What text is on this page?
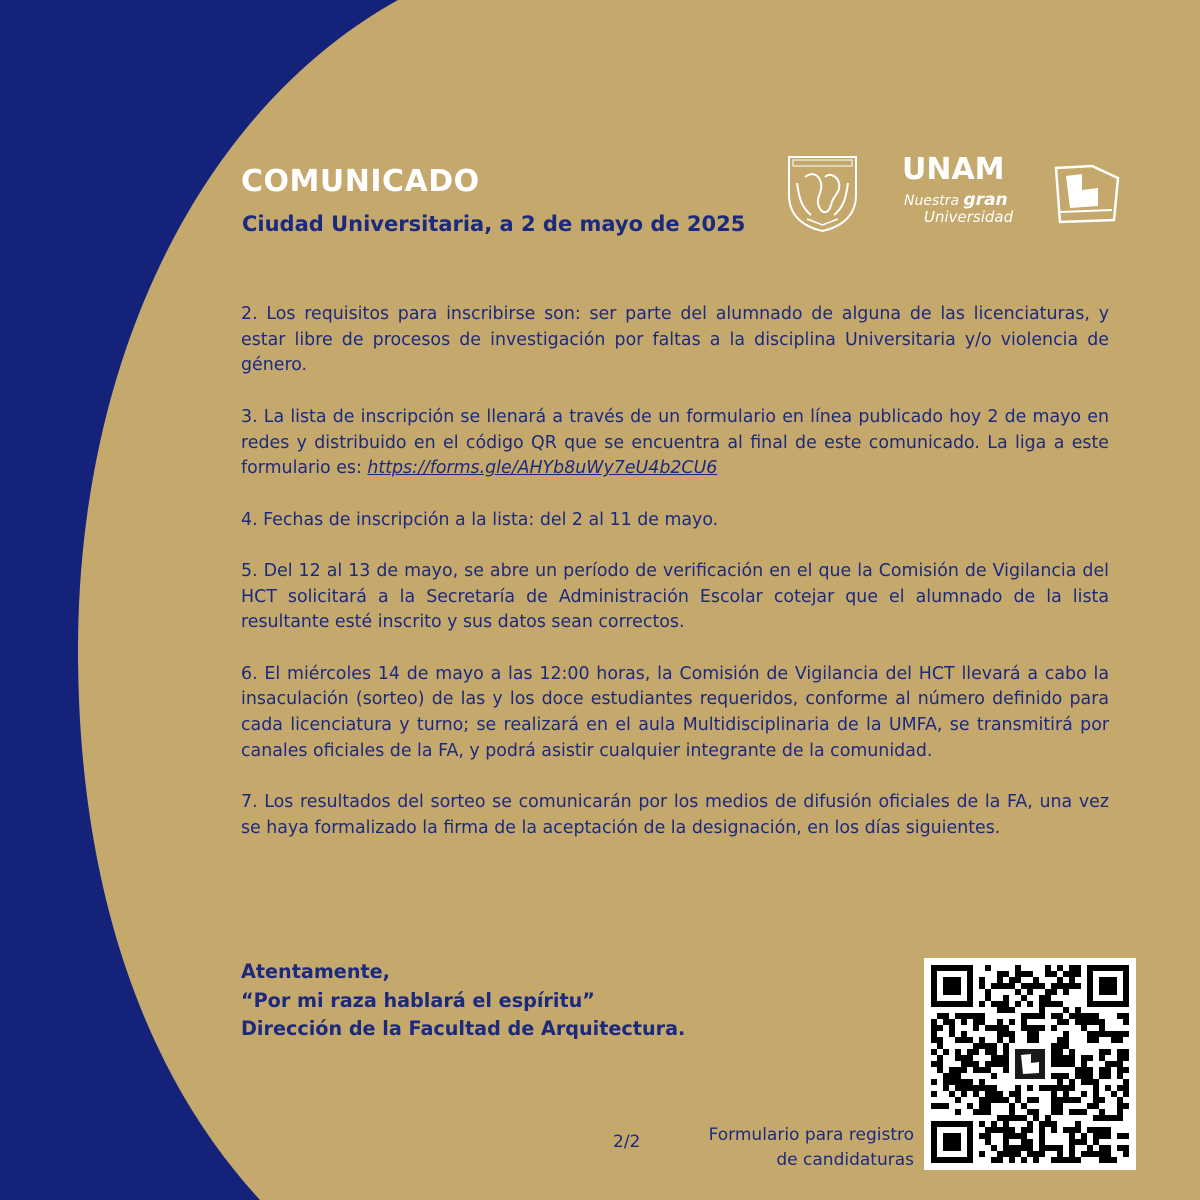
COMUNICADO
Ciudad Universitaria, a 2 de mayo de 2025
UNAM
Nuestra gran
Universidad

2. Los requisitos para inscribirse son: ser parte del alumnado de alguna de las licenciaturas, y estar libre de procesos de investigación por faltas a la disciplina Universitaria y/o violencia de género.

3. La lista de inscripción se llenará a través de un formulario en línea publicado hoy 2 de mayo en redes y distribuido en el código QR que se encuentra al final de este comunicado. La liga a este formulario es: https://forms.gle/AHYb8uWy7eU4b2CU6

4. Fechas de inscripción a la lista: del 2 al 11 de mayo.

5. Del 12 al 13 de mayo, se abre un período de verificación en el que la Comisión de Vigilancia del HCT solicitará a la Secretaría de Administración Escolar cotejar que el alumnado de la lista resultante esté inscrito y sus datos sean correctos.

6. El miércoles 14 de mayo a las 12:00 horas, la Comisión de Vigilancia del HCT llevará a cabo la insaculación (sorteo) de las y los doce estudiantes requeridos, conforme al número definido para cada licenciatura y turno; se realizará en el aula Multidisciplinaria de la UMFA, se transmitirá por canales oficiales de la FA, y podrá asistir cualquier integrante de la comunidad.

7. Los resultados del sorteo se comunicarán por los medios de difusión oficiales de la FA, una vez se haya formalizado la firma de la aceptación de la designación, en los días siguientes.

Atentamente,
“Por mi raza hablará el espíritu”
Dirección de la Facultad de Arquitectura.
2/2	Formulario para registro
de candidaturas
